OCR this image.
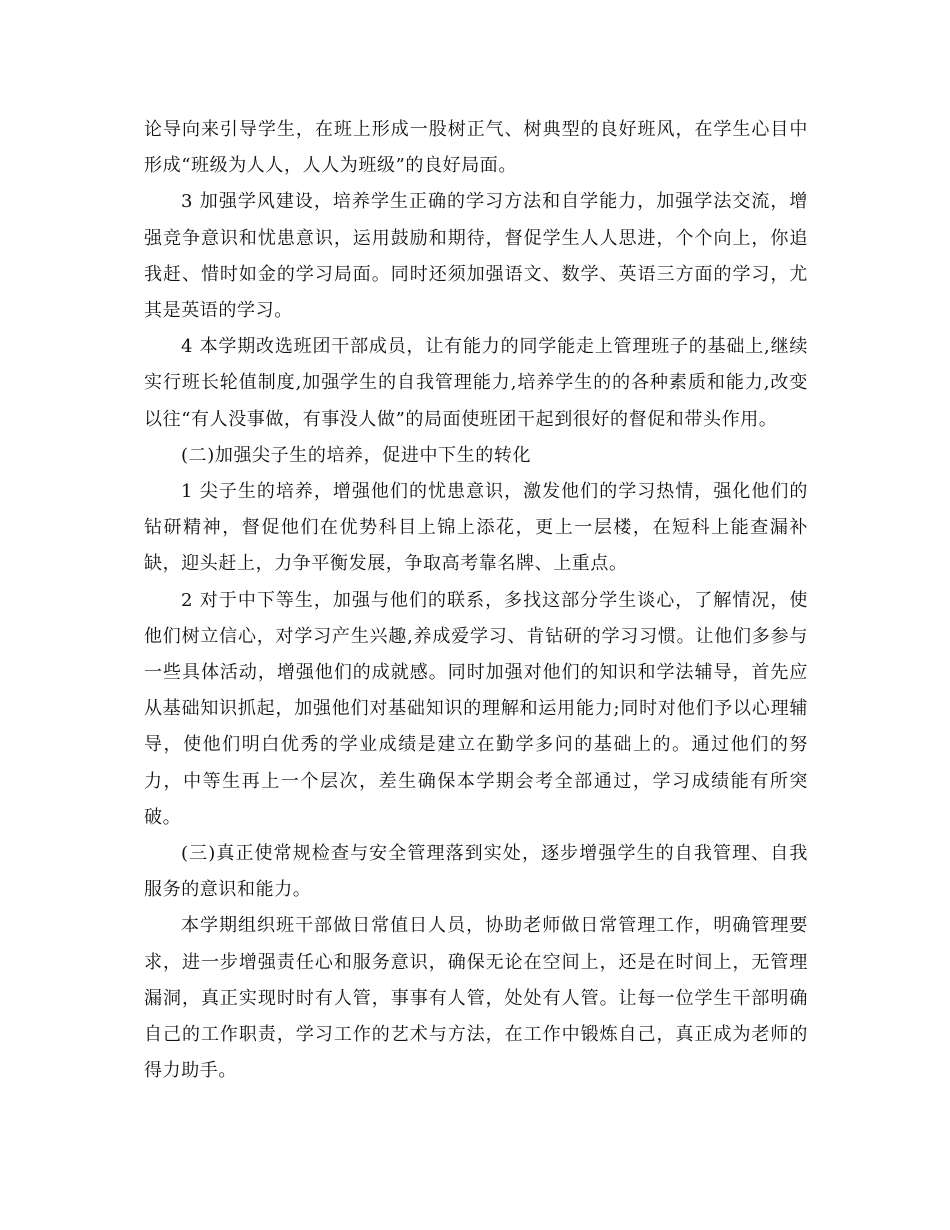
论导向来引导学生，在班上形成一股树正气、树典型的良好班风，在学生心目中形成“班级为人人，人人为班级”的良好局面。

3 加强学风建设，培养学生正确的学习方法和自学能力，加强学法交流，增强竞争意识和忧患意识，运用鼓励和期待，督促学生人人思进，个个向上，你追我赶、惜时如金的学习局面。同时还须加强语文、数学、英语三方面的学习，尤其是英语的学习。

4 本学期改选班团干部成员，让有能力的同学能走上管理班子的基础上,继续实行班长轮值制度,加强学生的自我管理能力,培养学生的的各种素质和能力,改变以往“有人没事做，有事没人做”的局面使班团干起到很好的督促和带头作用。

(二)加强尖子生的培养，促进中下生的转化

1 尖子生的培养，增强他们的忧患意识，激发他们的学习热情，强化他们的钻研精神，督促他们在优势科目上锦上添花，更上一层楼，在短科上能查漏补缺，迎头赶上，力争平衡发展，争取高考靠名牌、上重点。

2 对于中下等生，加强与他们的联系，多找这部分学生谈心，了解情况，使他们树立信心，对学习产生兴趣,养成爱学习、肯钻研的学习习惯。让他们多参与一些具体活动，增强他们的成就感。同时加强对他们的知识和学法辅导，首先应从基础知识抓起，加强他们对基础知识的理解和运用能力;同时对他们予以心理辅导，使他们明白优秀的学业成绩是建立在勤学多问的基础上的。通过他们的努力，中等生再上一个层次，差生确保本学期会考全部通过，学习成绩能有所突破。

(三)真正使常规检查与安全管理落到实处，逐步增强学生的自我管理、自我服务的意识和能力。

本学期组织班干部做日常值日人员，协助老师做日常管理工作，明确管理要求，进一步增强责任心和服务意识，确保无论在空间上，还是在时间上，无管理漏洞，真正实现时时有人管，事事有人管，处处有人管。让每一位学生干部明确自己的工作职责，学习工作的艺术与方法，在工作中锻炼自己，真正成为老师的得力助手。
